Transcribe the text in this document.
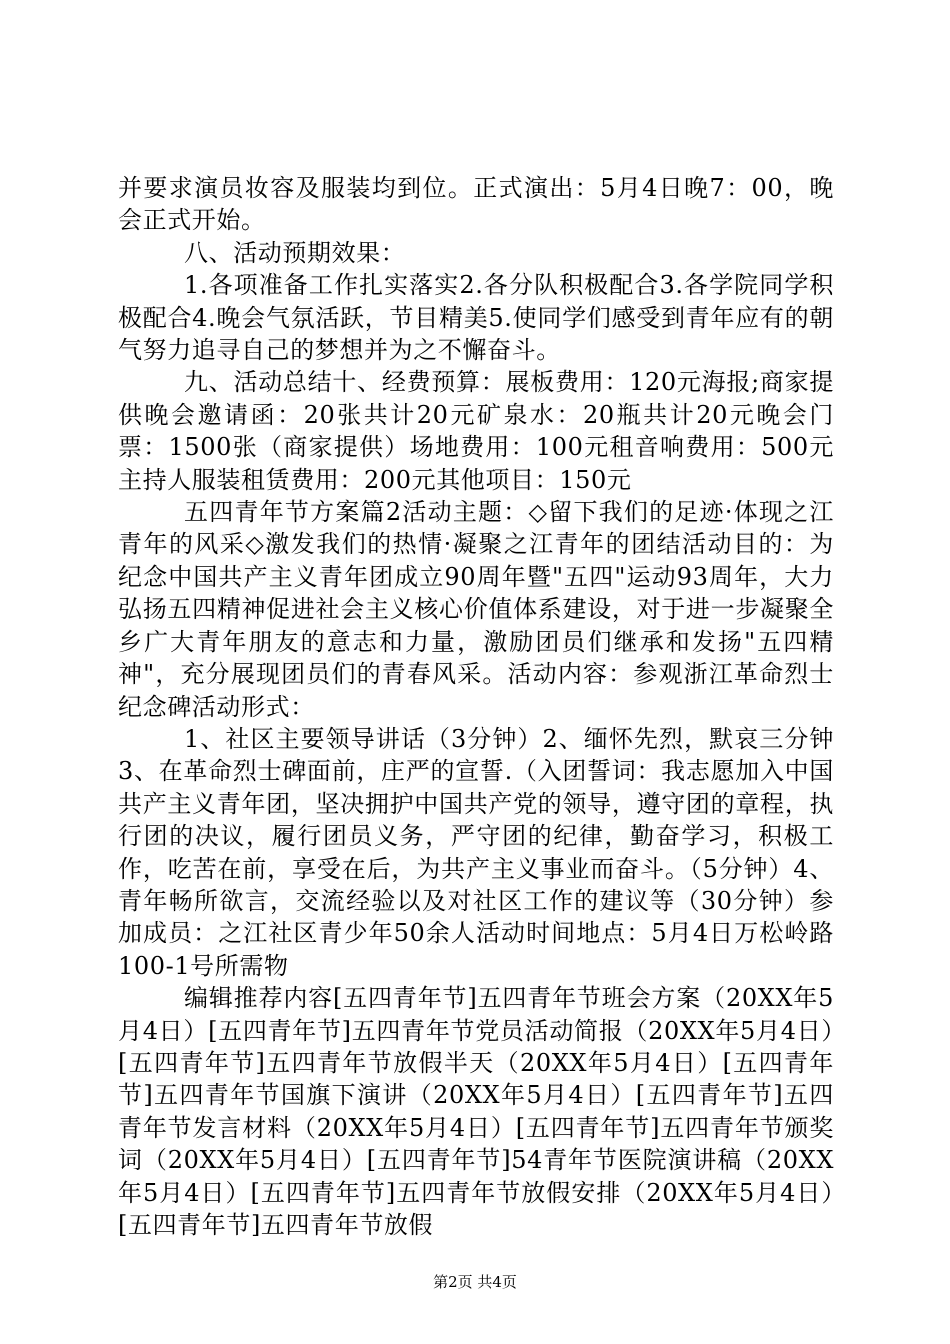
并要求演员妆容及服装均到位。正式演出：5月4日晚7：00，晚会正式开始。

八、活动预期效果：

1.各项准备工作扎实落实2.各分队积极配合3.各学院同学积极配合4.晚会气氛活跃，节目精美5.使同学们感受到青年应有的朝气努力追寻自己的梦想并为之不懈奋斗。

九、活动总结十、经费预算：展板费用：120元海报;商家提供晚会邀请函：20张共计20元矿泉水：20瓶共计20元晚会门票：1500张（商家提供）场地费用：100元租音响费用：500元主持人服装租赁费用：200元其他项目：150元

五四青年节方案篇2活动主题：◇留下我们的足迹·体现之江青年的风采◇激发我们的热情·凝聚之江青年的团结活动目的：为纪念中国共产主义青年团成立90周年暨"五四"运动93周年，大力弘扬五四精神促进社会主义核心价值体系建设，对于进一步凝聚全乡广大青年朋友的意志和力量，激励团员们继承和发扬"五四精神"，充分展现团员们的青春风采。活动内容：参观浙江革命烈士纪念碑活动形式：

1、社区主要领导讲话（3分钟）2、缅怀先烈，默哀三分钟3、在革命烈士碑面前，庄严的宣誓.（入团誓词：我志愿加入中国共产主义青年团，坚决拥护中国共产党的领导，遵守团的章程，执行团的决议，履行团员义务，严守团的纪律，勤奋学习，积极工作，吃苦在前，享受在后，为共产主义事业而奋斗。（5分钟）4、青年畅所欲言，交流经验以及对社区工作的建议等（30分钟）参加成员：之江社区青少年50余人活动时间地点：5月4日万松岭路100-1号所需物

编辑推荐内容[五四青年节]五四青年节班会方案（20XX年5月4日）[五四青年节]五四青年节党员活动简报（20XX年5月4日）[五四青年节]五四青年节放假半天（20XX年5月4日）[五四青年节]五四青年节国旗下演讲（20XX年5月4日）[五四青年节]五四青年节发言材料（20XX年5月4日）[五四青年节]五四青年节颁奖词（20XX年5月4日）[五四青年节]54青年节医院演讲稿（20XX年5月4日）[五四青年节]五四青年节放假安排（20XX年5月4日）[五四青年节]五四青年节放假

第2页 共4页
